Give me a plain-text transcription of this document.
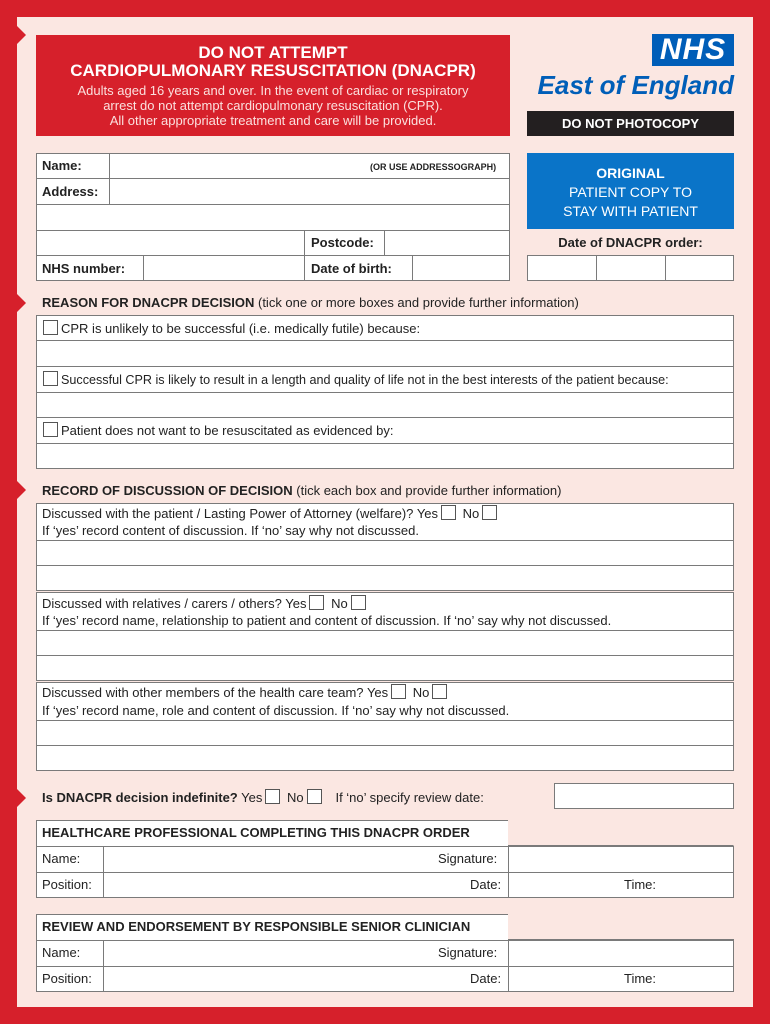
DO NOT ATTEMPT
CARDIOPULMONARY RESUSCITATION (DNACPR)
Adults aged 16 years and over. In the event of cardiac or respiratory
arrest do not attempt cardiopulmonary resuscitation (CPR).
All other appropriate treatment and care will be provided.
NHS
East of England
DO NOT PHOTOCOPY
Name:	(OR USE ADDRESSOGRAPH)
Address:
Postcode:
NHS number:	Date of birth:
ORIGINAL
PATIENT COPY TO
STAY WITH PATIENT
Date of DNACPR order:
REASON FOR DNACPR DECISION (tick one or more boxes and provide further information)
CPR is unlikely to be successful (i.e. medically futile) because:
Successful CPR is likely to result in a length and quality of life not in the best interests of the patient because:
Patient does not want to be resuscitated as evidenced by:
RECORD OF DISCUSSION OF DECISION (tick each box and provide further information)
Discussed with the patient / Lasting Power of Attorney (welfare)? Yes No
If ‘yes’ record content of discussion. If ‘no’ say why not discussed.
Discussed with relatives / carers / others? Yes No
If ‘yes’ record name, relationship to patient and content of discussion. If ‘no’ say why not discussed.
Discussed with other members of the health care team? Yes No
If ‘yes’ record name, role and content of discussion. If ‘no’ say why not discussed.
Is DNACPR decision indefinite? Yes No If ‘no’ specify review date:
HEALTHCARE PROFESSIONAL COMPLETING THIS DNACPR ORDER
Name:	Signature:
Position:	Date:	Time:
REVIEW AND ENDORSEMENT BY RESPONSIBLE SENIOR CLINICIAN
Name:	Signature:
Position:	Date:	Time:
